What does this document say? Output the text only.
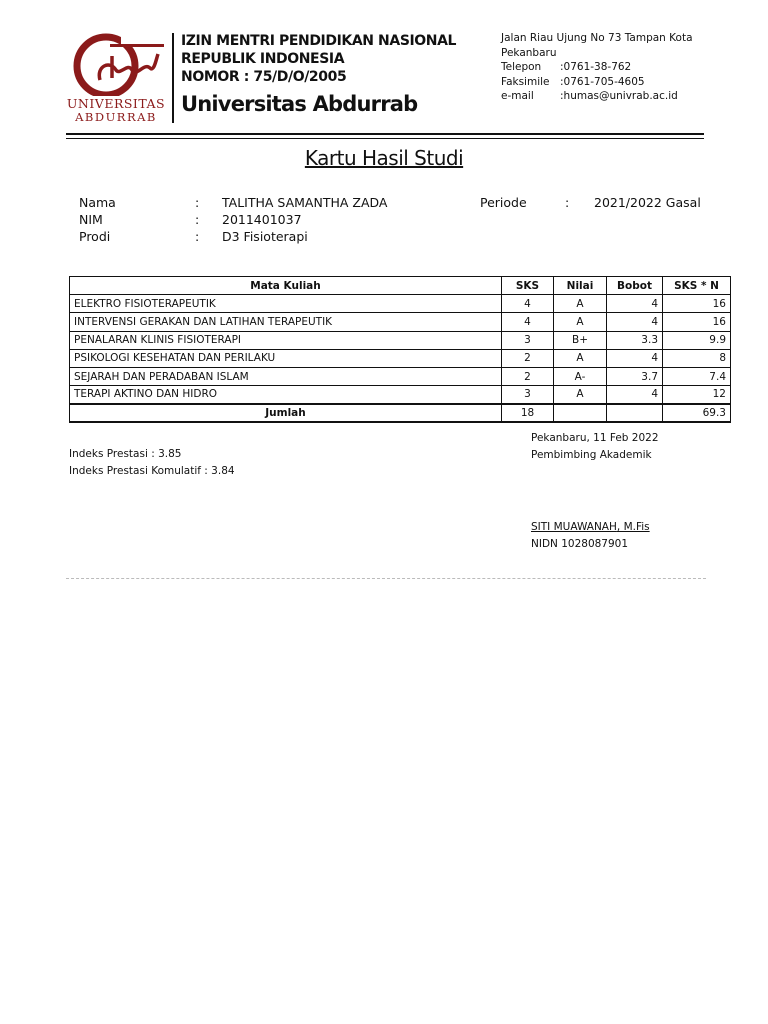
UNIVERSITAS
ABDURRAB
IZIN MENTRI PENDIDIKAN NASIONAL
REPUBLIK INDONESIA
NOMOR : 75/D/O/2005
Universitas Abdurrab
Jalan Riau Ujung No 73 Tampan Kota
Pekanbaru
Telepon	:0761-38-762
Faksimile :0761-705-4605
e-mail	:humas@univrab.ac.id
Kartu Hasil Studi
Nama	: TALITHA SAMANTHA ZADA
NIM	: 2011401037
Prodi	: D3 Fisioterapi
Periode	: 2021/2022 Gasal
Mata Kuliah	SKS	Nilai	Bobot	SKS * N
ELEKTRO FISIOTERAPEUTIK	4	A	4	16
INTERVENSI GERAKAN DAN LATIHAN TERAPEUTIK	4	A	4	16
PENALARAN KLINIS FISIOTERAPI	3	B+	3.3	9.9
PSIKOLOGI KESEHATAN DAN PERILAKU	2	A	4	8
SEJARAH DAN PERADABAN ISLAM	2	A-	3.7	7.4
TERAPI AKTINO DAN HIDRO	3	A	4	12
Jumlah	18			69.3
Indeks Prestasi : 3.85
Indeks Prestasi Komulatif : 3.84
Pekanbaru, 11 Feb 2022
Pembimbing Akademik
SITI MUAWANAH, M.Fis
NIDN 1028087901
